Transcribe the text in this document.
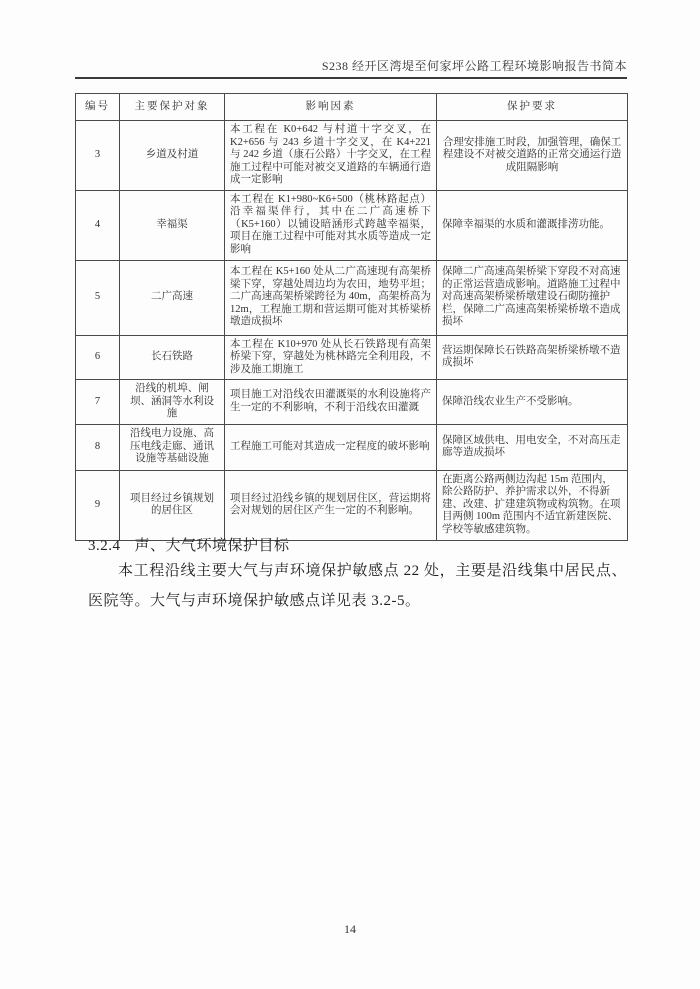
S238 经开区湾堤至何家坪公路工程环境影响报告书简本
编号	主要保护对象	影响因素	保护要求
3	乡道及村道	本工程在 K0+642 与村道十字交叉，在 K2+656 与 243 乡道十字交叉，在 K4+221 与 242 乡道（康石公路）十字交叉，在工程施工过程中可能对被交叉道路的车辆通行造成一定影响	合理安排施工时段，加强管理，确保工程建设不对被交道路的正常交通运行造成阻隔影响
4	幸福渠	本工程在 K1+980~K6+500（桃林路起点）沿幸福渠伴行，其中在二广高速桥下（K5+160）以铺设暗涵形式跨越幸福渠，项目在施工过程中可能对其水质等造成一定影响	保障幸福渠的水质和灌溉排涝功能。
5	二广高速	本工程在 K5+160 处从二广高速现有高架桥梁下穿，穿越处周边均为农田，地势平坦；二广高速高架桥梁跨径为 40m，高架桥高为 12m，工程施工期和营运期可能对其桥梁桥墩造成损坏	保障二广高速高架桥梁下穿段不对高速的正常运营造成影响。道路施工过程中对高速高架桥梁桥墩建设石砌防撞护栏，保障二广高速高架桥梁桥墩不造成损坏
6	长石铁路	本工程在 K10+970 处从长石铁路现有高架桥梁下穿，穿越处为桃林路完全利用段，不涉及施工期施工	营运期保障长石铁路高架桥梁桥墩不造成损坏
7	沿线的机埠、闸坝、涵洞等水利设施	项目施工对沿线农田灌溉渠的水利设施将产生一定的不利影响，不利于沿线农田灌溉	保障沿线农业生产不受影响。
8	沿线电力设施、高压电线走廊、通讯设施等基础设施	工程施工可能对其造成一定程度的破坏影响	保障区域供电、用电安全，不对高压走廊等造成损坏
9	项目经过乡镇规划的居住区	项目经过沿线乡镇的规划居住区，营运期将会对规划的居住区产生一定的不利影响。	在距离公路两侧边沟起 15m 范围内，除公路防护、养护需求以外，不得新建、改建、扩建建筑物或构筑物。在项目两侧 100m 范围内不适宜新建医院、学校等敏感建筑物。
3.2.4 声、大气环境保护目标
本工程沿线主要大气与声环境保护敏感点 22 处，主要是沿线集中居民点、医院等。大气与声环境保护敏感点详见表 3.2-5。
14
